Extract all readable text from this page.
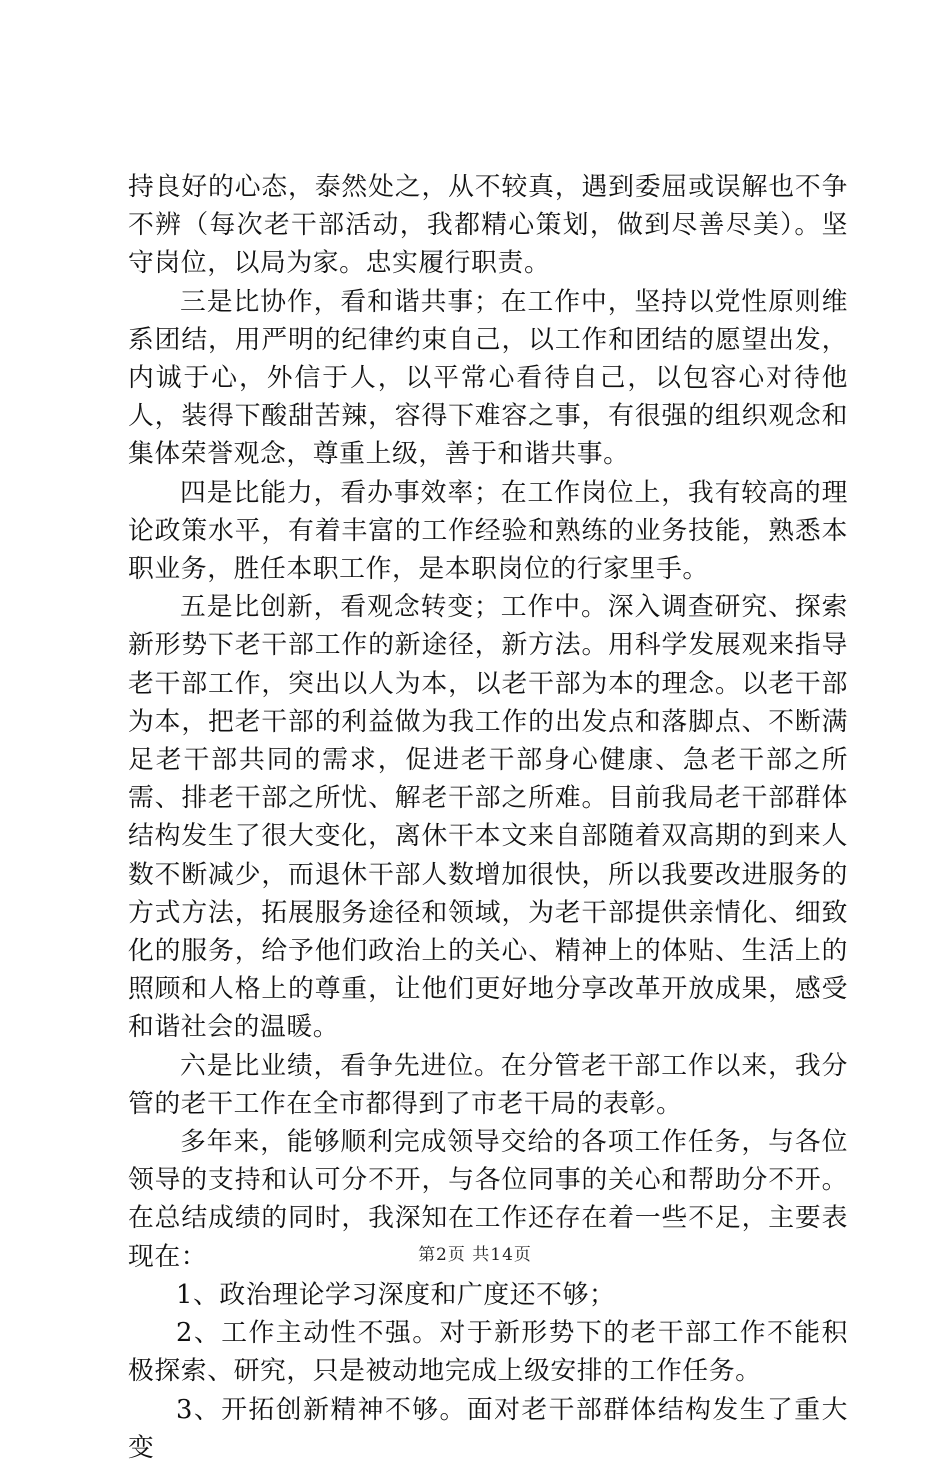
持良好的心态，泰然处之，从不较真，遇到委屈或误解也不争不辨（每次老干部活动，我都精心策划，做到尽善尽美）。坚守岗位，以局为家。忠实履行职责。

三是比协作，看和谐共事；在工作中，坚持以党性原则维系团结，用严明的纪律约束自己，以工作和团结的愿望出发，内诚于心，外信于人，以平常心看待自己，以包容心对待他人，装得下酸甜苦辣，容得下难容之事，有很强的组织观念和集体荣誉观念，尊重上级，善于和谐共事。

四是比能力，看办事效率；在工作岗位上，我有较高的理论政策水平，有着丰富的工作经验和熟练的业务技能，熟悉本职业务，胜任本职工作，是本职岗位的行家里手。

五是比创新，看观念转变；工作中。深入调查研究、探索新形势下老干部工作的新途径，新方法。用科学发展观来指导老干部工作，突出以人为本，以老干部为本的理念。以老干部为本，把老干部的利益做为我工作的出发点和落脚点、不断满足老干部共同的需求，促进老干部身心健康、急老干部之所需、排老干部之所忧、解老干部之所难。目前我局老干部群体结构发生了很大变化，离休干本文来自部随着双高期的到来人数不断减少，而退休干部人数增加很快，所以我要改进服务的方式方法，拓展服务途径和领域，为老干部提供亲情化、细致化的服务，给予他们政治上的关心、精神上的体贴、生活上的照顾和人格上的尊重，让他们更好地分享改革开放成果，感受和谐社会的温暖。

六是比业绩，看争先进位。在分管老干部工作以来，我分管的老干工作在全市都得到了市老干局的表彰。

多年来，能够顺利完成领导交给的各项工作任务，与各位领导的支持和认可分不开，与各位同事的关心和帮助分不开。在总结成绩的同时，我深知在工作还存在着一些不足，主要表现在：

1、政治理论学习深度和广度还不够；

2、工作主动性不强。对于新形势下的老干部工作不能积极探索、研究，只是被动地完成上级安排的工作任务。

3、开拓创新精神不够。面对老干部群体结构发生了重大变

第2页 共14页
